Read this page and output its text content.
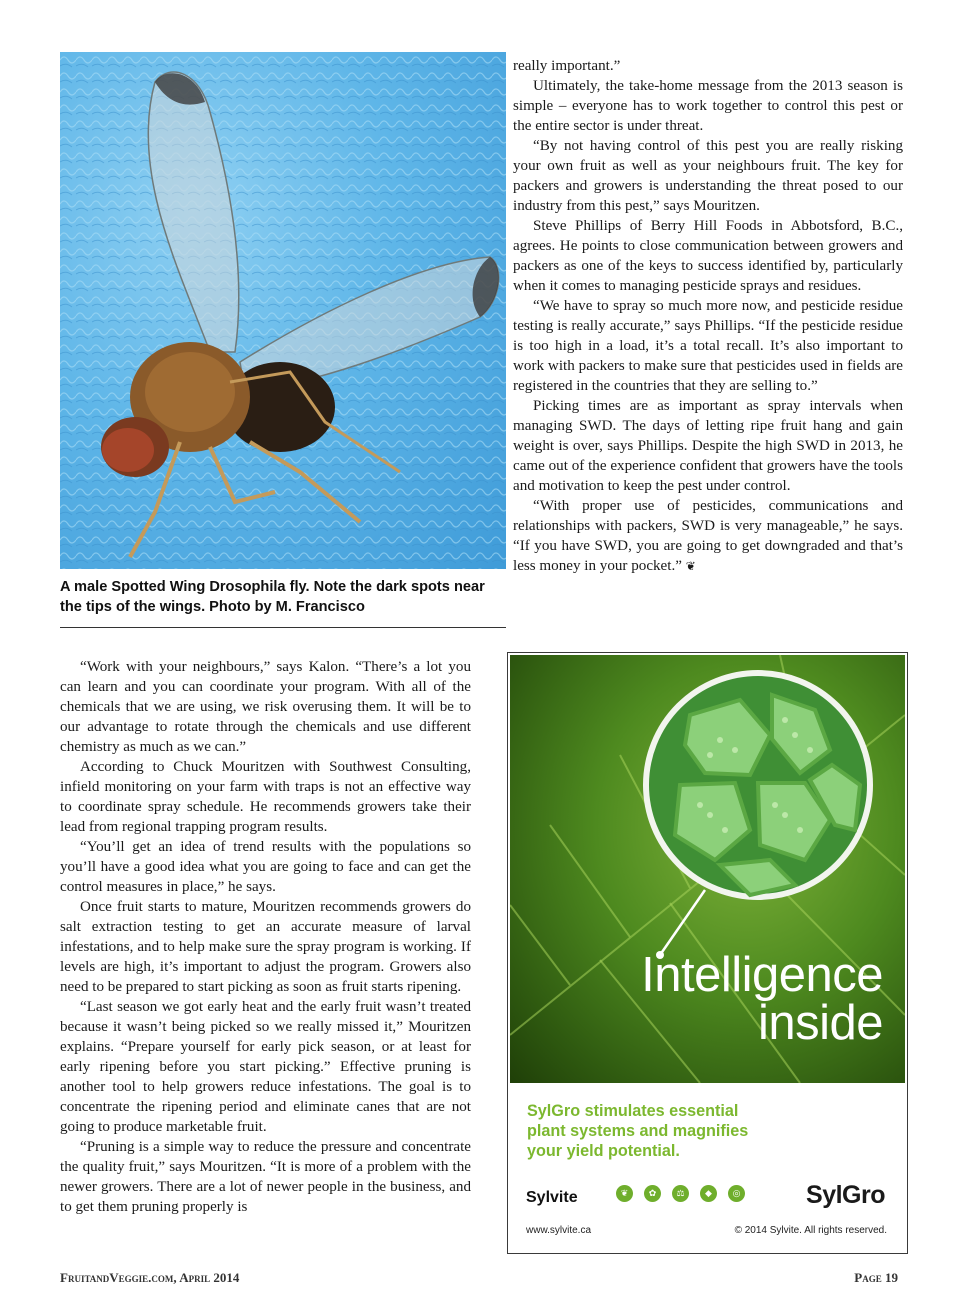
A male Spotted Wing Drosophila fly. Note the dark spots near the tips of the wings. Photo by M. Francisco

really important.”

Ultimately, the take-home message from the 2013 season is simple – everyone has to work together to control this pest or the entire sector is under threat.

“By not having control of this pest you are really risking your own fruit as well as your neighbours fruit. The key for packers and growers is understanding the threat posed to our industry from this pest,” says Mouritzen.

Steve Phillips of Berry Hill Foods in Abbotsford, B.C., agrees. He points to close communication between growers and packers as one of the keys to success identified by, particularly when it comes to managing pesticide sprays and residues.

“We have to spray so much more now, and pesticide residue testing is really accurate,” says Phillips. “If the pesticide residue is too high in a load, it’s a total recall. It’s also important to work with packers to make sure that pesticides used in fields are registered in the countries that they are selling to.”

Picking times are as important as spray intervals when managing SWD. The days of letting ripe fruit hang and gain weight is over, says Phillips. Despite the high SWD in 2013, he came out of the experience confident that growers have the tools and motivation to keep the pest under control.

“With proper use of pesticides, communications and relationships with packers, SWD is very manageable,” he says. “If you have SWD, you are going to get downgraded and that’s less money in your pocket.” ❦

“Work with your neighbours,” says Kalon. “There’s a lot you can learn and you can coordinate your program. With all of the chemicals that we are using, we risk overusing them. It will be to our advantage to rotate through the chemicals and use different chemistry as much as we can.”

According to Chuck Mouritzen with Southwest Consulting, infield monitoring on your farm with traps is not an effective way to coordinate spray schedule. He recommends growers take their lead from regional trapping program results.

“You’ll get an idea of trend results with the populations so you’ll have a good idea what you are going to face and can get the control measures in place,” he says.

Once fruit starts to mature, Mouritzen recommends growers do salt extraction testing to get an accurate measure of larval infestations, and to help make sure the spray program is working. If levels are high, it’s important to adjust the program. Growers also need to be prepared to start picking as soon as fruit starts ripening.

“Last season we got early heat and the early fruit wasn’t treated because it wasn’t being picked so we really missed it,” Mouritzen explains. “Prepare yourself for early pick season, or at least for early ripening before you start picking.” Effective pruning is another tool to help growers reduce infestations. The goal is to concentrate the ripening period and eliminate canes that are not going to produce marketable fruit.

“Pruning is a simple way to reduce the pressure and concentrate the quality fruit,” says Mouritzen. “It is more of a problem with the newer growers. There are a lot of newer people in the business, and to get them pruning properly is

Intelligence
inside
SylGro stimulates essential plant systems and magnifies your yield potential.
Sylvite	❦	✿	⚖	◆	◎	SylGro
www.sylvite.ca	© 2014 Sylvite. All rights reserved.
FruitandVeggie.com, April 2014	Page 19
